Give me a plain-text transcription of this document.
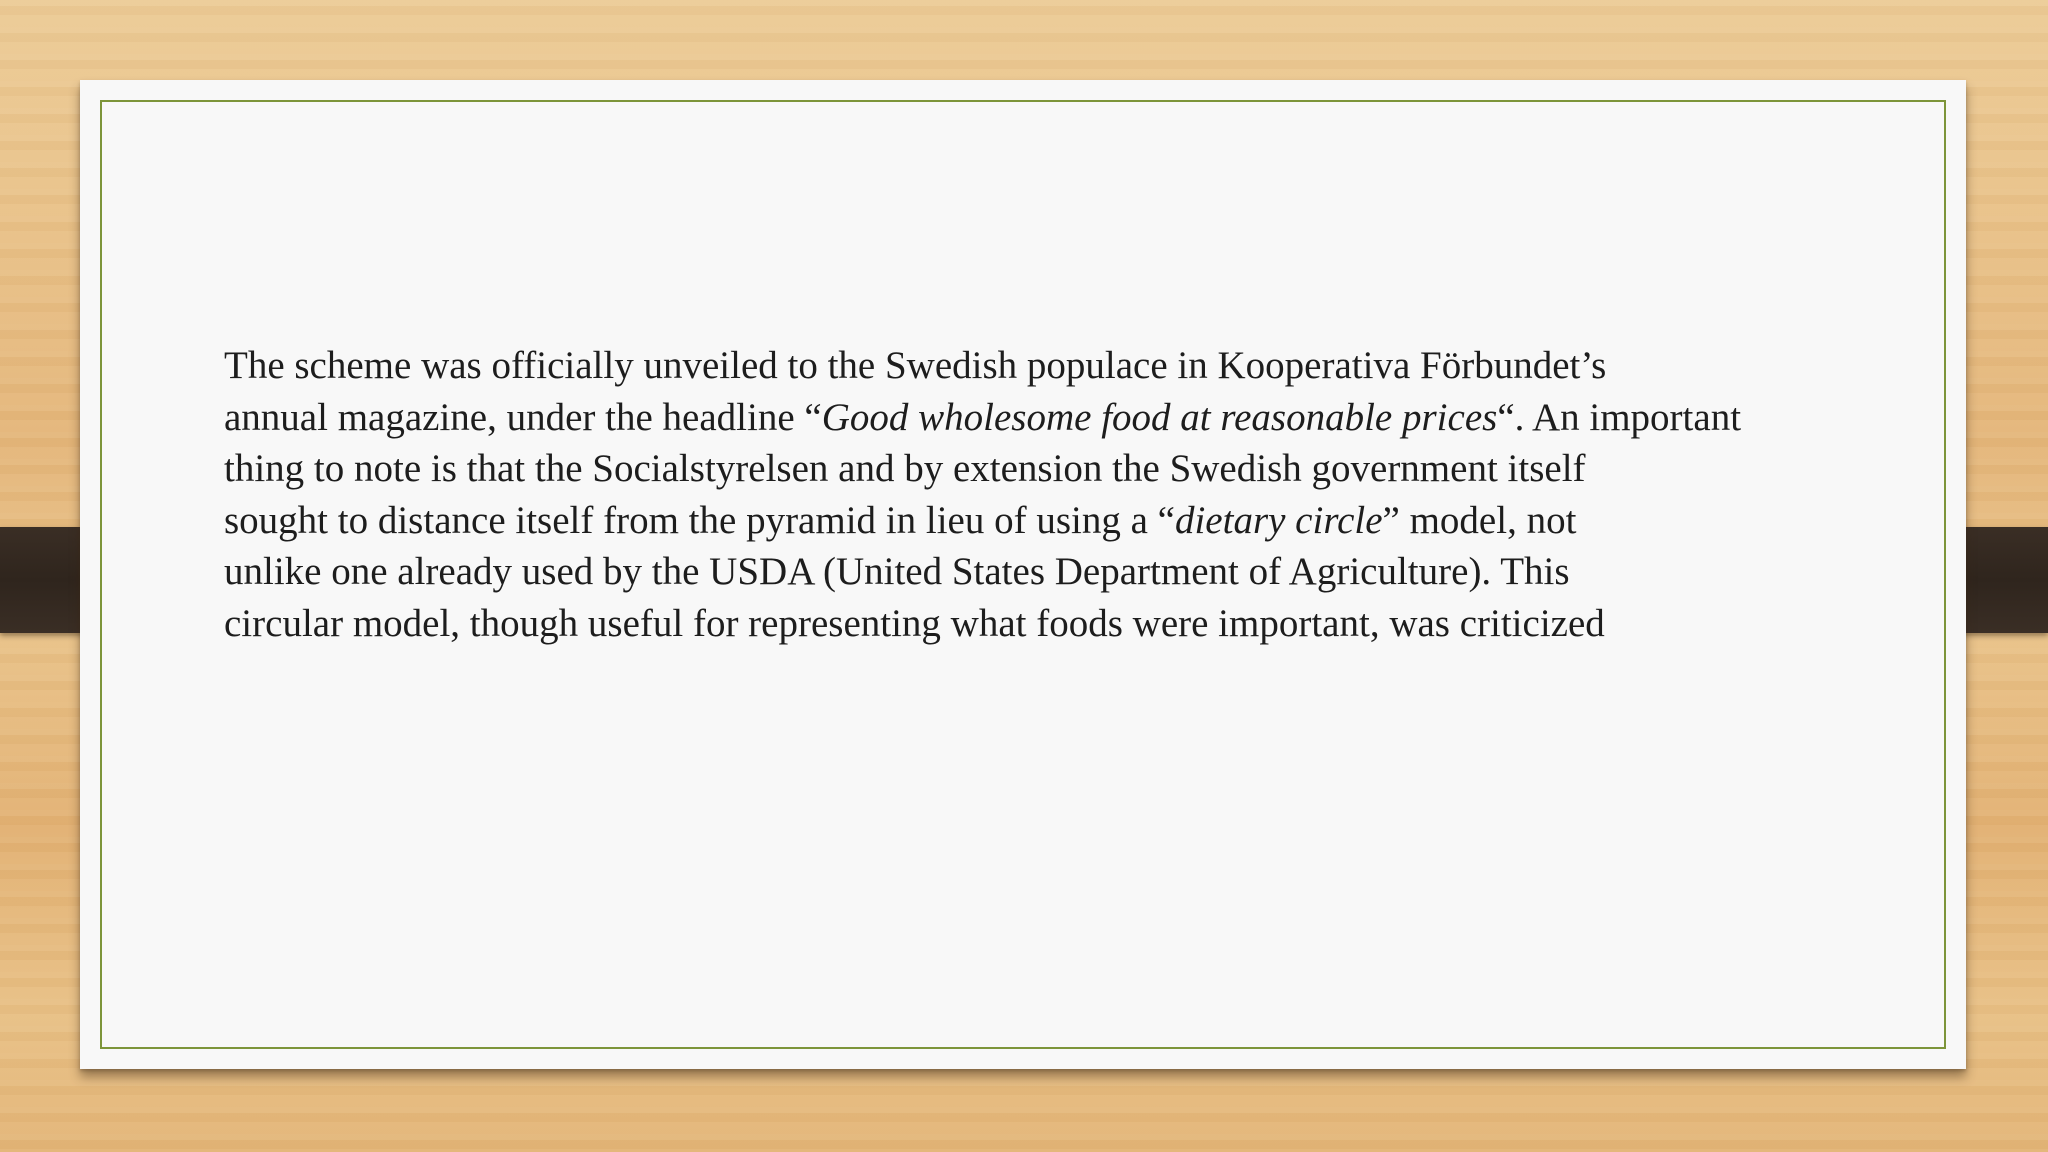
The scheme was officially unveiled to the Swedish populace in Kooperativa Förbundet’s
annual magazine, under the headline “Good wholesome food at reasonable prices“. An important
thing to note is that the Socialstyrelsen and by extension the Swedish government itself
sought to distance itself from the pyramid in lieu of using a “dietary circle” model, not
unlike one already used by the USDA (United States Department of Agriculture). This
circular model, though useful for representing what foods were important, was criticized
